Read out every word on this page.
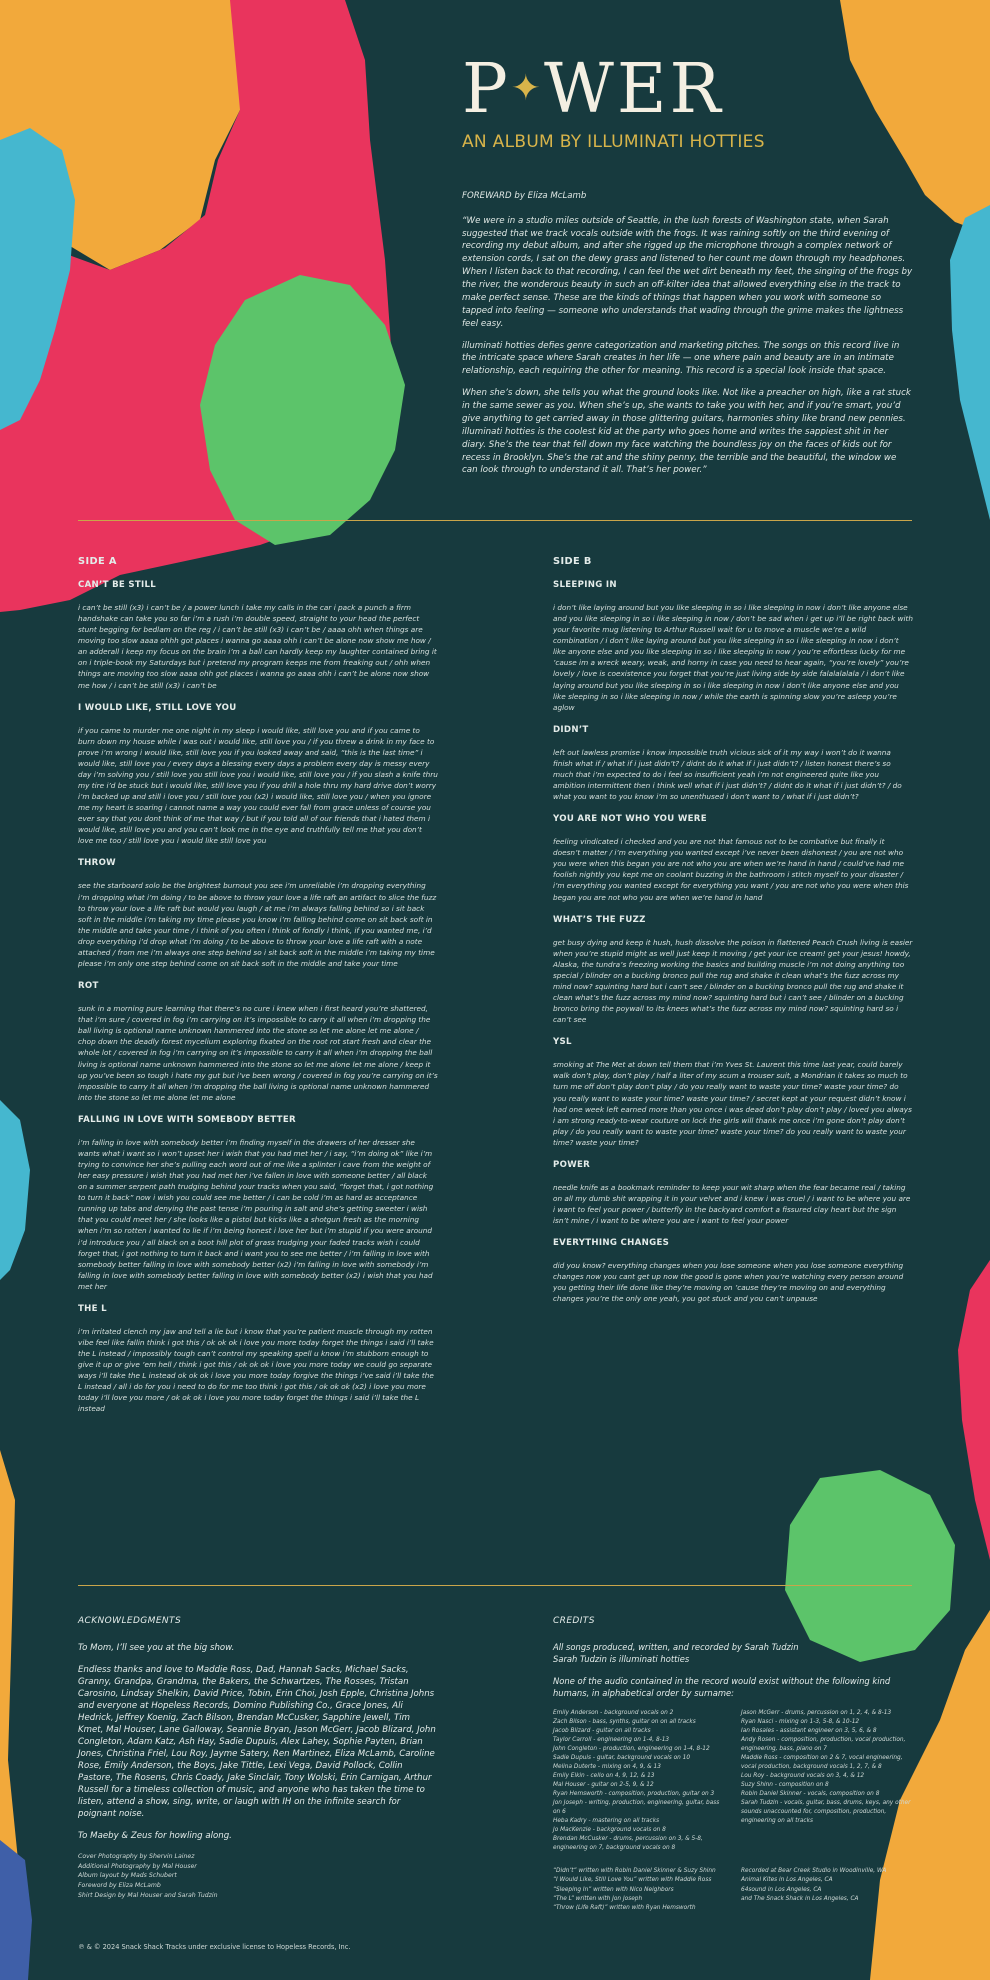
P✦WER
AN ALBUM BY ILLUMINATI HOTTIES
FOREWARD by Eliza McLamb

“We were in a studio miles outside of Seattle, in the lush forests of Washington state, when Sarah suggested that we track vocals outside with the frogs. It was raining softly on the third evening of recording my debut album, and after she rigged up the microphone through a complex network of extension cords, I sat on the dewy grass and listened to her count me down through my headphones. When I listen back to that recording, I can feel the wet dirt beneath my feet, the singing of the frogs by the river, the wonderous beauty in such an off-kilter idea that allowed everything else in the track to make perfect sense. These are the kinds of things that happen when you work with someone so tapped into feeling — someone who understands that wading through the grime makes the lightness feel easy.

illuminati hotties defies genre categorization and marketing pitches. The songs on this record live in the intricate space where Sarah creates in her life — one where pain and beauty are in an intimate relationship, each requiring the other for meaning. This record is a special look inside that space.

When she’s down, she tells you what the ground looks like. Not like a preacher on high, like a rat stuck in the same sewer as you. When she’s up, she wants to take you with her, and if you’re smart, you’d give anything to get carried away in those glittering guitars, harmonies shiny like brand new pennies. illuminati hotties is the coolest kid at the party who goes home and writes the sappiest shit in her diary. She’s the tear that fell down my face watching the boundless joy on the faces of kids out for recess in Brooklyn. She’s the rat and the shiny penny, the terrible and the beautiful, the window we can look through to understand it all. That’s her power.”

SIDE A
CAN’T BE STILL
i can’t be still (x3) i can’t be / a power lunch i take my calls in the car i pack a punch a firm handshake can take you so far i’m a rush i’m double speed, straight to your head the perfect stunt begging for bedlam on the reg / i can’t be still (x3) i can’t be / aaaa ohh when things are moving too slow aaaa ohhh got places i wanna go aaaa ohh i can’t be alone now show me how / an adderall i keep my focus on the brain i’m a ball can hardly keep my laughter contained bring it on i triple-book my Saturdays but i pretend my program keeps me from freaking out / ohh when things are moving too slow aaaa ohh got places i wanna go aaaa ohh i can’t be alone now show me how / i can’t be still (x3) i can’t be
I WOULD LIKE, STILL LOVE YOU
if you came to murder me one night in my sleep i would like, still love you and if you came to burn down my house while i was out i would like, still love you / if you threw a drink in my face to prove i’m wrong i would like, still love you if you looked away and said, “this is the last time” i would like, still love you / every days a blessing every days a problem every day is messy every day i’m solving you / still love you still love you i would like, still love you / if you slash a knife thru my tire i’d be stuck but i would like, still love you if you drill a hole thru my hard drive don’t worry i’m backed up and still i love you / still love you (x2) i would like, still love you / when you ignore me my heart is soaring i cannot name a way you could ever fall from grace unless of course you ever say that you dont think of me that way / but if you told all of our friends that i hated them i would like, still love you and you can’t look me in the eye and truthfully tell me that you don’t love me too / still love you i would like still love you
THROW
see the starboard solo be the brightest burnout you see i’m unreliable i’m dropping everything i’m dropping what i’m doing / to be above to throw your love a life raft an artifact to slice the fuzz to throw your love a life raft but would you laugh / at me i’m always falling behind so i sit back soft in the middle i’m taking my time please you know i’m falling behind come on sit back soft in the middle and take your time / i think of you often i think of fondly i think, if you wanted me, i’d drop everything i’d drop what i’m doing / to be above to throw your love a life raft with a note attached / from me i’m always one step behind so i sit back soft in the middle i’m taking my time please i’m only one step behind come on sit back soft in the middle and take your time
ROT
sunk in a morning pure learning that there’s no cure i knew when i first heard you’re shattered, that i’m sure / covered in fog i’m carrying on it’s impossible to carry it all when i’m dropping the ball living is optional name unknown hammered into the stone so let me alone let me alone / chop down the deadly forest mycelium exploring fixated on the root rot start fresh and clear the whole lot / covered in fog i’m carrying on it’s impossible to carry it all when i’m dropping the ball living is optional name unknown hammered into the stone so let me alone let me alone / keep it up you’ve been so tough i hate my gut but i’ve been wrong / covered in fog you’re carrying on it’s impossible to carry it all when i’m dropping the ball living is optional name unknown hammered into the stone so let me alone let me alone
FALLING IN LOVE WITH SOMEBODY BETTER
i’m falling in love with somebody better i’m finding myself in the drawers of her dresser she wants what i want so i won’t upset her i wish that you had met her / i say, “i’m doing ok” like i’m trying to convince her she’s pulling each word out of me like a splinter i cave from the weight of her easy pressure i wish that you had met her i’ve fallen in love with someone better / all black on a summer serpent path trudging behind your tracks when you said, “forget that, i got nothing to turn it back” now i wish you could see me better / i can be cold i’m as hard as acceptance running up tabs and denying the past tense i’m pouring in salt and she’s getting sweeter i wish that you could meet her / she looks like a pistol but kicks like a shotgun fresh as the morning when i’m so rotten i wanted to lie if i’m being honest i love her but i’m stupid if you were around i’d introduce you / all black on a boot hill plot of grass trudging your faded tracks wish i could forget that, i got nothing to turn it back and i want you to see me better / i’m falling in love with somebody better falling in love with somebody better (x2) i’m falling in love with somebody i’m falling in love with somebody better falling in love with somebody better (x2) i wish that you had met her
THE L
i’m irritated clench my jaw and tell a lie but i know that you’re patient muscle through my rotten vibe feel like fallin think i got this / ok ok ok i love you more today forget the things i said i’ll take the L instead / impossibly tough can’t control my speaking spell u know i’m stubborn enough to give it up or give ’em hell / think i got this / ok ok ok i love you more today we could go separate ways i’ll take the L instead ok ok ok i love you more today forgive the things i’ve said i’ll take the L instead / all i do for you i need to do for me too think i got this / ok ok ok (x2) i love you more today i’ll love you more / ok ok ok i love you more today forget the things i said i’ll take the L instead
SIDE B
SLEEPING IN
i don’t like laying around but you like sleeping in so i like sleeping in now i don’t like anyone else and you like sleeping in so i like sleeping in now / don’t be sad when i get up i’ll be right back with your favorite mug listening to Arthur Russell wait for u to move a muscle we’re a wild combination / i don’t like laying around but you like sleeping in so i like sleeping in now i don’t like anyone else and you like sleeping in so i like sleeping in now / you’re effortless lucky for me ’cause im a wreck weary, weak, and horny in case you need to hear again, “you’re lovely” you’re lovely / love is coexistence you forget that you’re just living side by side falalalalala / i don’t like laying around but you like sleeping in so i like sleeping in now i don’t like anyone else and you like sleeping in so i like sleeping in now / while the earth is spinning slow you’re asleep you’re aglow
DIDN’T
left out lawless promise i know impossible truth vicious sick of it my way i won’t do it wanna finish what if / what if i just didn’t? / didnt do it what if i just didn’t? / listen honest there’s so much that i’m expected to do i feel so insufficient yeah i’m not engineered quite like you ambition intermittent then i think well what if i just didn’t? / didnt do it what if i just didn’t? / do what you want to you know i’m so unenthused i don’t want to / what if i just didn’t?
YOU ARE NOT WHO YOU WERE
feeling vindicated i checked and you are not that famous not to be combative but finally it doesn’t matter / i’m everything you wanted except i’ve never been dishonest / you are not who you were when this began you are not who you are when we’re hand in hand / could’ve had me foolish nightly you kept me on coolant buzzing in the bathroom i stitch myself to your disaster / i’m everything you wanted except for everything you want / you are not who you were when this began you are not who you are when we’re hand in hand
WHAT’S THE FUZZ
get busy dying and keep it hush, hush dissolve the poison in flattened Peach Crush living is easier when you’re stupid might as well just keep it moving / get your ice cream! get your jesus! howdy, Alaska, the tundra’s freezing working the basics and building muscle i’m not doing anything too special / blinder on a bucking bronco pull the rug and shake it clean what’s the fuzz across my mind now? squinting hard but i can’t see / blinder on a bucking bronco pull the rug and shake it clean what’s the fuzz across my mind now? squinting hard but i can’t see / blinder on a bucking bronco bring the poywall to its knees what’s the fuzz across my mind now? squinting hard so i can’t see
YSL
smoking at The Met at down tell them that i’m Yves St. Laurent this time last year, could barely walk don’t play, don’t play / half a liter of my scum a trouser suit, a Mondrian it takes so much to turn me off don’t play don’t play / do you really want to waste your time? waste your time? do you really want to waste your time? waste your time? / secret kept at your request didn’t know i had one week left earned more than you once i was dead don’t play don’t play / loved you always i am strong ready-to-wear couture on lock the girls will thank me once i’m gone don’t play don’t play / do you really want to waste your time? waste your time? do you really want to waste your time? waste your time?
POWER
needle knife as a bookmark reminder to keep your wit sharp when the fear became real / taking on all my dumb shit wrapping it in your velvet and i knew i was cruel / i want to be where you are i want to feel your power / butterfly in the backyard comfort a fissured clay heart but the sign isn’t mine / i want to be where you are i want to feel your power
EVERYTHING CHANGES
did you know? everything changes when you lose someone when you lose someone everything changes now you cant get up now the good is gone when you’re watching every person around you getting their life done like they’re moving on ’cause they’re moving on and everything changes you’re the only one yeah, you got stuck and you can’t unpause
ACKNOWLEDGMENTS

To Mom, I’ll see you at the big show.

Endless thanks and love to Maddie Ross, Dad, Hannah Sacks, Michael Sacks, Granny, Grandpa, Grandma, the Bakers, the Schwartzes, The Rosses, Tristan Carosino, Lindsay Shelkin, David Price, Tobin, Erin Choi, Josh Epple, Christina Johns and everyone at Hopeless Records, Domino Publishing Co., Grace Jones, Ali Hedrick, Jeffrey Koenig, Zach Bilson, Brendan McCusker, Sapphire Jewell, Tim Kmet, Mal Houser, Lane Galloway, Seannie Bryan, Jason McGerr, Jacob Blizard, John Congleton, Adam Katz, Ash Hay, Sadie Dupuis, Alex Lahey, Sophie Payten, Brian Jones, Christina Friel, Lou Roy, Jayme Satery, Ren Martinez, Eliza McLamb, Caroline Rose, Emily Anderson, the Boys, Jake Tittle, Lexi Vega, David Pollock, Collin Pastore, The Rosens, Chris Coady, Jake Sinclair, Tony Wolski, Erin Carnigan, Arthur Russell for a timeless collection of music, and anyone who has taken the time to listen, attend a show, sing, write, or laugh with IH on the infinite search for poignant noise.

To Maeby & Zeus for howling along.

Cover Photography by Shervin Lainez
Additional Photography by Mal Houser
Album layout by Mads Schubert
Foreword by Eliza McLamb
Shirt Design by Mal Houser and Sarah Tudzin
℗ & © 2024 Snack Shack Tracks under exclusive license to Hopeless Records, Inc.
CREDITS

All songs produced, written, and recorded by Sarah Tudzin
Sarah Tudzin is illuminati hotties

None of the audio contained in the record would exist without the following kind humans, in alphabetical order by surname:

Emily Anderson - background vocals on 2
Zach Bilson - bass, synths, guitar on on all tracks
Jacob Blizard - guitar on all tracks
Taylor Carroll - engineering on 1-4, 8-13
John Congleton - production, engineering on 1-4, 8-12
Sadie Dupuis - guitar, background vocals on 10
Melina Duterte - mixing on 4, 9, & 13
Emily Elkin - cello on 4, 9, 12, & 13
Mal Houser - guitar on 2-5, 9, & 12
Ryan Hemsworth - composition, production, guitar on 3
Jon Joseph - writing, production, engineering, guitar, bass on 6
Heba Kadry - mastering on all tracks
Jo MacKenzie - background vocals on 8
Brendan McCusker - drums, percussion on 3, & 5-8, engineering on 7, background vocals on 8
Jason McGerr - drums, percussion on 1, 2, 4, & 8-13
Ryan Nasci - mixing on 1-3, 5-8, & 10-12
Ian Rosales - assistant engineer on 3, 5, 6, & 8
Andy Rosen - composition, production, vocal production, engineering, bass, piano on 7
Maddie Ross - composition on 2 & 7, vocal engineering, vocal production, background vocals 1, 2, 7, & 8
Lou Roy - background vocals on 3, 4, & 12
Suzy Shinn - composition on 8
Robin Daniel Skinner - vocals, composition on 8
Sarah Tudzin - vocals, guitar, bass, drums, keys, any other sounds unaccounted for, composition, production, engineering on all tracks
“Didn’t” written with Robin Daniel Skinner & Suzy Shinn
“I Would Like, Still Love You” written with Maddie Ross
“Sleeping In” written with Nico Neighbors
“The L” written with Jon Joseph
“Throw (Life Raft)” written with Ryan Hemsworth
Recorded at Bear Creek Studio in Woodinville, WA
Animal Kites in Los Angeles, CA
64sound in Los Angeles, CA
and The Snack Shack in Los Angeles, CA
